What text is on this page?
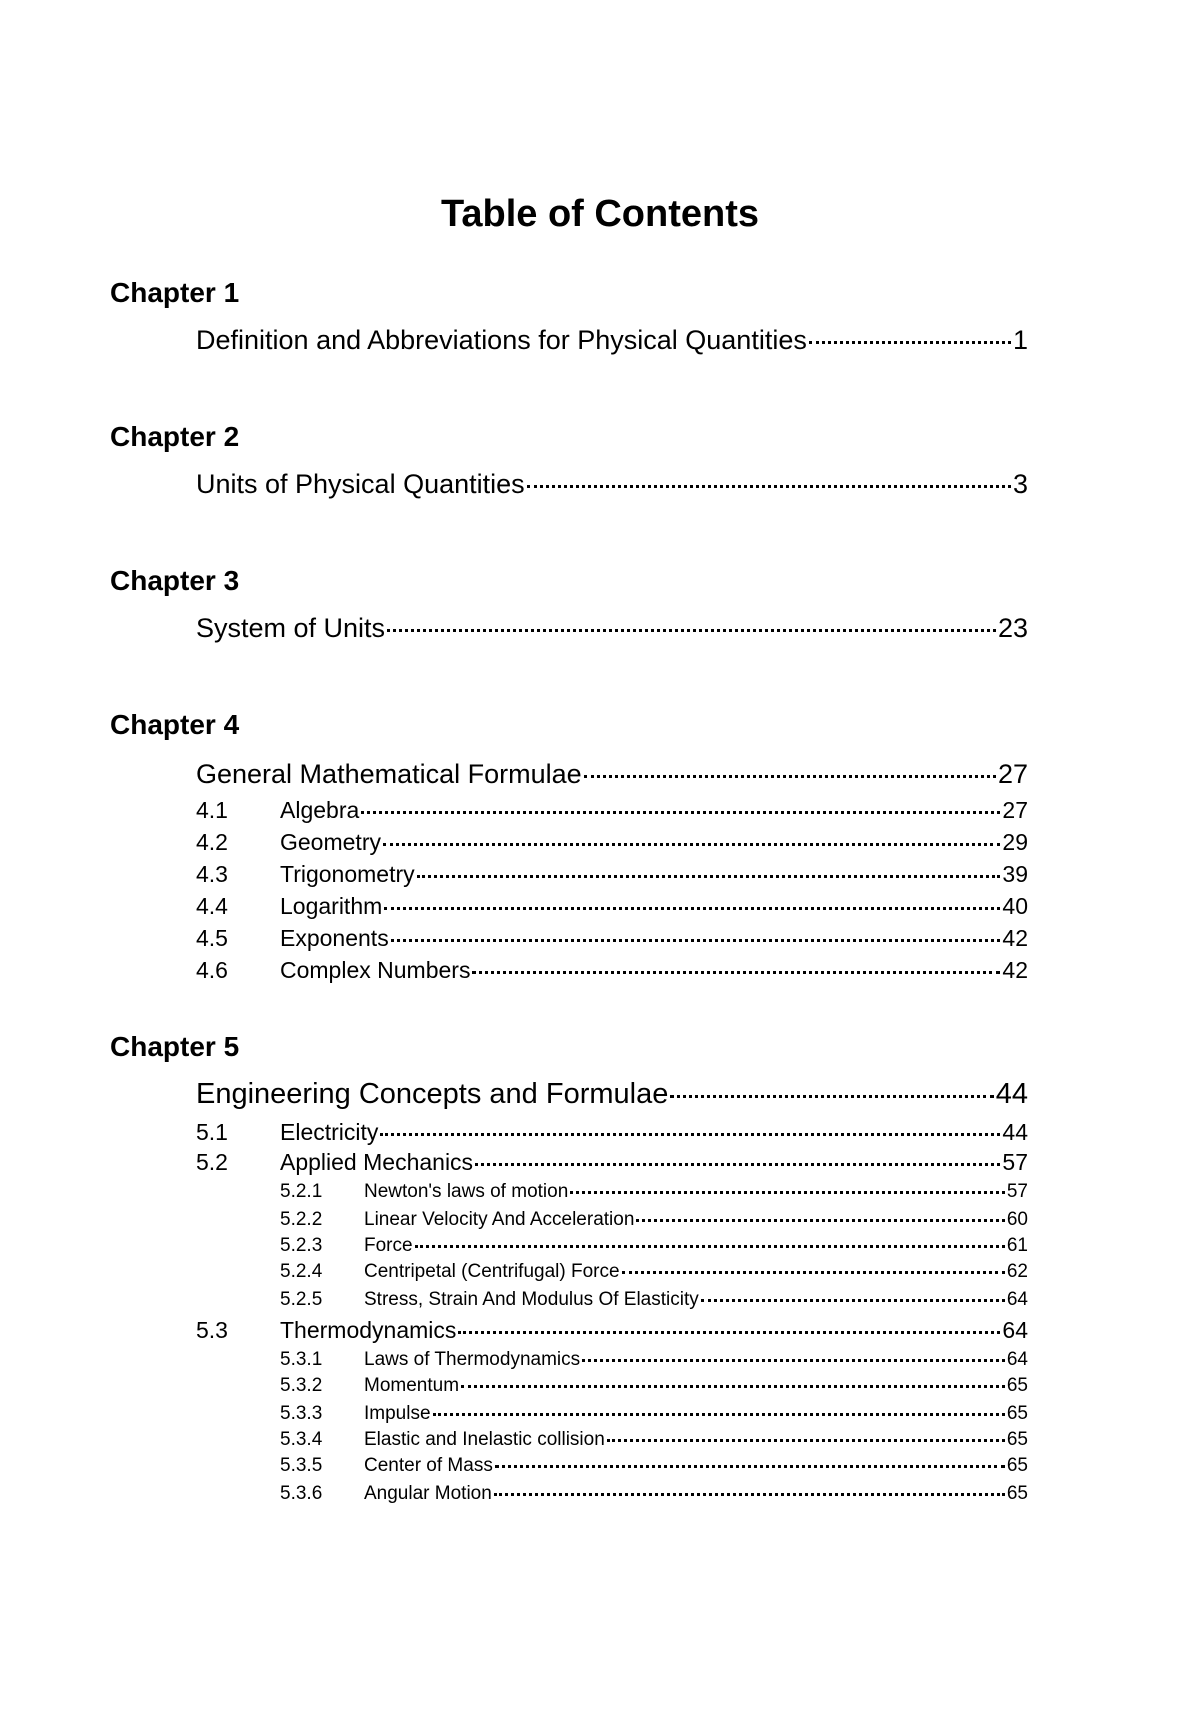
Table of Contents
Chapter 1
Definition and Abbreviations for Physical Quantities	1
Chapter 2
Units of Physical Quantities	3
Chapter 3
System of Units	23
Chapter 4
General Mathematical Formulae	27
4.1	Algebra	27
4.2	Geometry	29
4.3	Trigonometry	39
4.4	Logarithm	40
4.5	Exponents	42
4.6	Complex Numbers	42
Chapter 5
Engineering Concepts and Formulae	44
5.1	Electricity	44
5.2	Applied Mechanics	57
5.2.1	Newton's laws of motion	57
5.2.2	Linear Velocity And Acceleration	60
5.2.3	Force	61
5.2.4	Centripetal (Centrifugal) Force	62
5.2.5	Stress, Strain And Modulus Of Elasticity	64
5.3	Thermodynamics	64
5.3.1	Laws of Thermodynamics	64
5.3.2	Momentum	65
5.3.3	Impulse	65
5.3.4	Elastic and Inelastic collision	65
5.3.5	Center of Mass	65
5.3.6	Angular Motion	65
